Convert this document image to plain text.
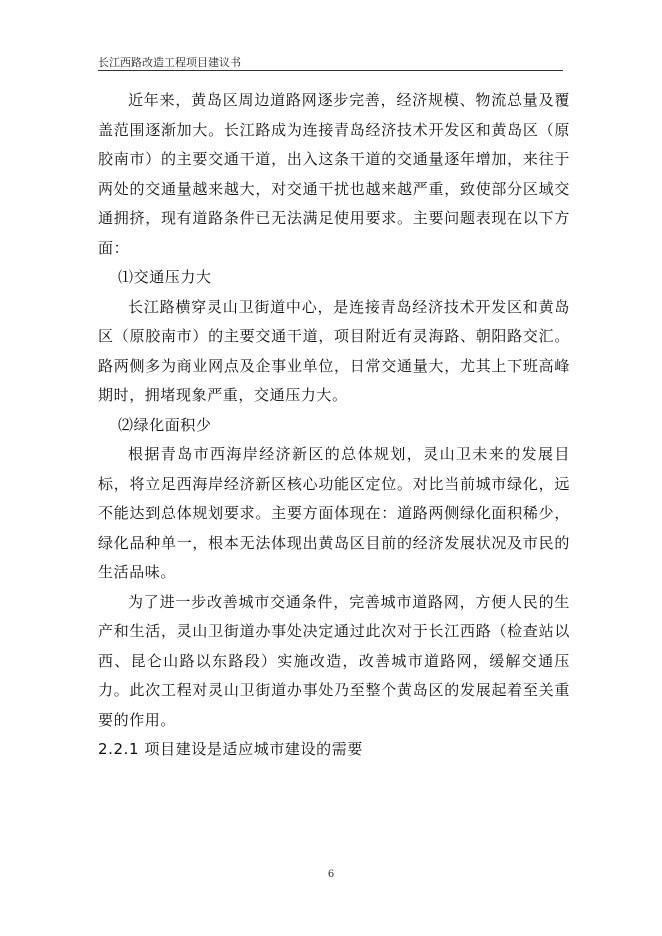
长江西路改造工程项目建议书

近年来，黄岛区周边道路网逐步完善，经济规模、物流总量及覆盖范围逐渐加大。长江路成为连接青岛经济技术开发区和黄岛区（原胶南市）的主要交通干道，出入这条干道的交通量逐年增加，来往于两处的交通量越来越大，对交通干扰也越来越严重，致使部分区域交通拥挤，现有道路条件已无法满足使用要求。主要问题表现在以下方面：

⑴交通压力大

长江路横穿灵山卫街道中心，是连接青岛经济技术开发区和黄岛区（原胶南市）的主要交通干道，项目附近有灵海路、朝阳路交汇。路两侧多为商业网点及企事业单位，日常交通量大，尤其上下班高峰期时，拥堵现象严重，交通压力大。

⑵绿化面积少

根据青岛市西海岸经济新区的总体规划，灵山卫未来的发展目标，将立足西海岸经济新区核心功能区定位。对比当前城市绿化，远不能达到总体规划要求。主要方面体现在：道路两侧绿化面积稀少，绿化品种单一，根本无法体现出黄岛区目前的经济发展状况及市民的生活品味。

为了进一步改善城市交通条件，完善城市道路网，方便人民的生产和生活，灵山卫街道办事处决定通过此次对于长江西路（检查站以西、昆仑山路以东路段）实施改造，改善城市道路网，缓解交通压力。此次工程对灵山卫街道办事处乃至整个黄岛区的发展起着至关重要的作用。

2.2.1 项目建设是适应城市建设的需要
6
